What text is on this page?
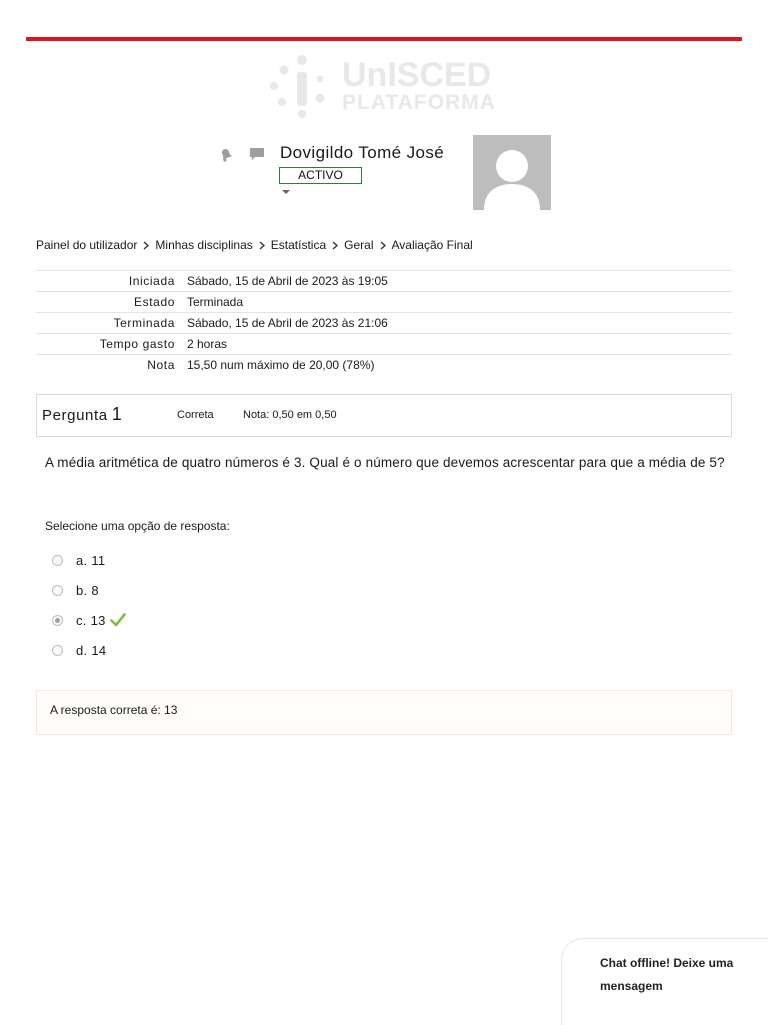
UnISCED
PLATAFORMA
Dovigildo Tomé José
ACTIVO
Painel do utilizador Minhas disciplinas Estatística Geral Avaliação Final
Iniciada	Sábado, 15 de Abril de 2023 às 19:05
Estado	Terminada
Terminada	Sábado, 15 de Abril de 2023 às 21:06
Tempo gasto	2 horas
Nota	15,50 num máximo de 20,00 (78%)
Pergunta 1	Correta	Nota: 0,50 em 0,50
A média aritmética de quatro números é 3. Qual é o número que devemos acrescentar para que a média de 5?
Selecione uma opção de resposta:
a. 11
b. 8
c. 13
d. 14
A resposta correta é: 13
Chat offline! Deixe uma mensagem
